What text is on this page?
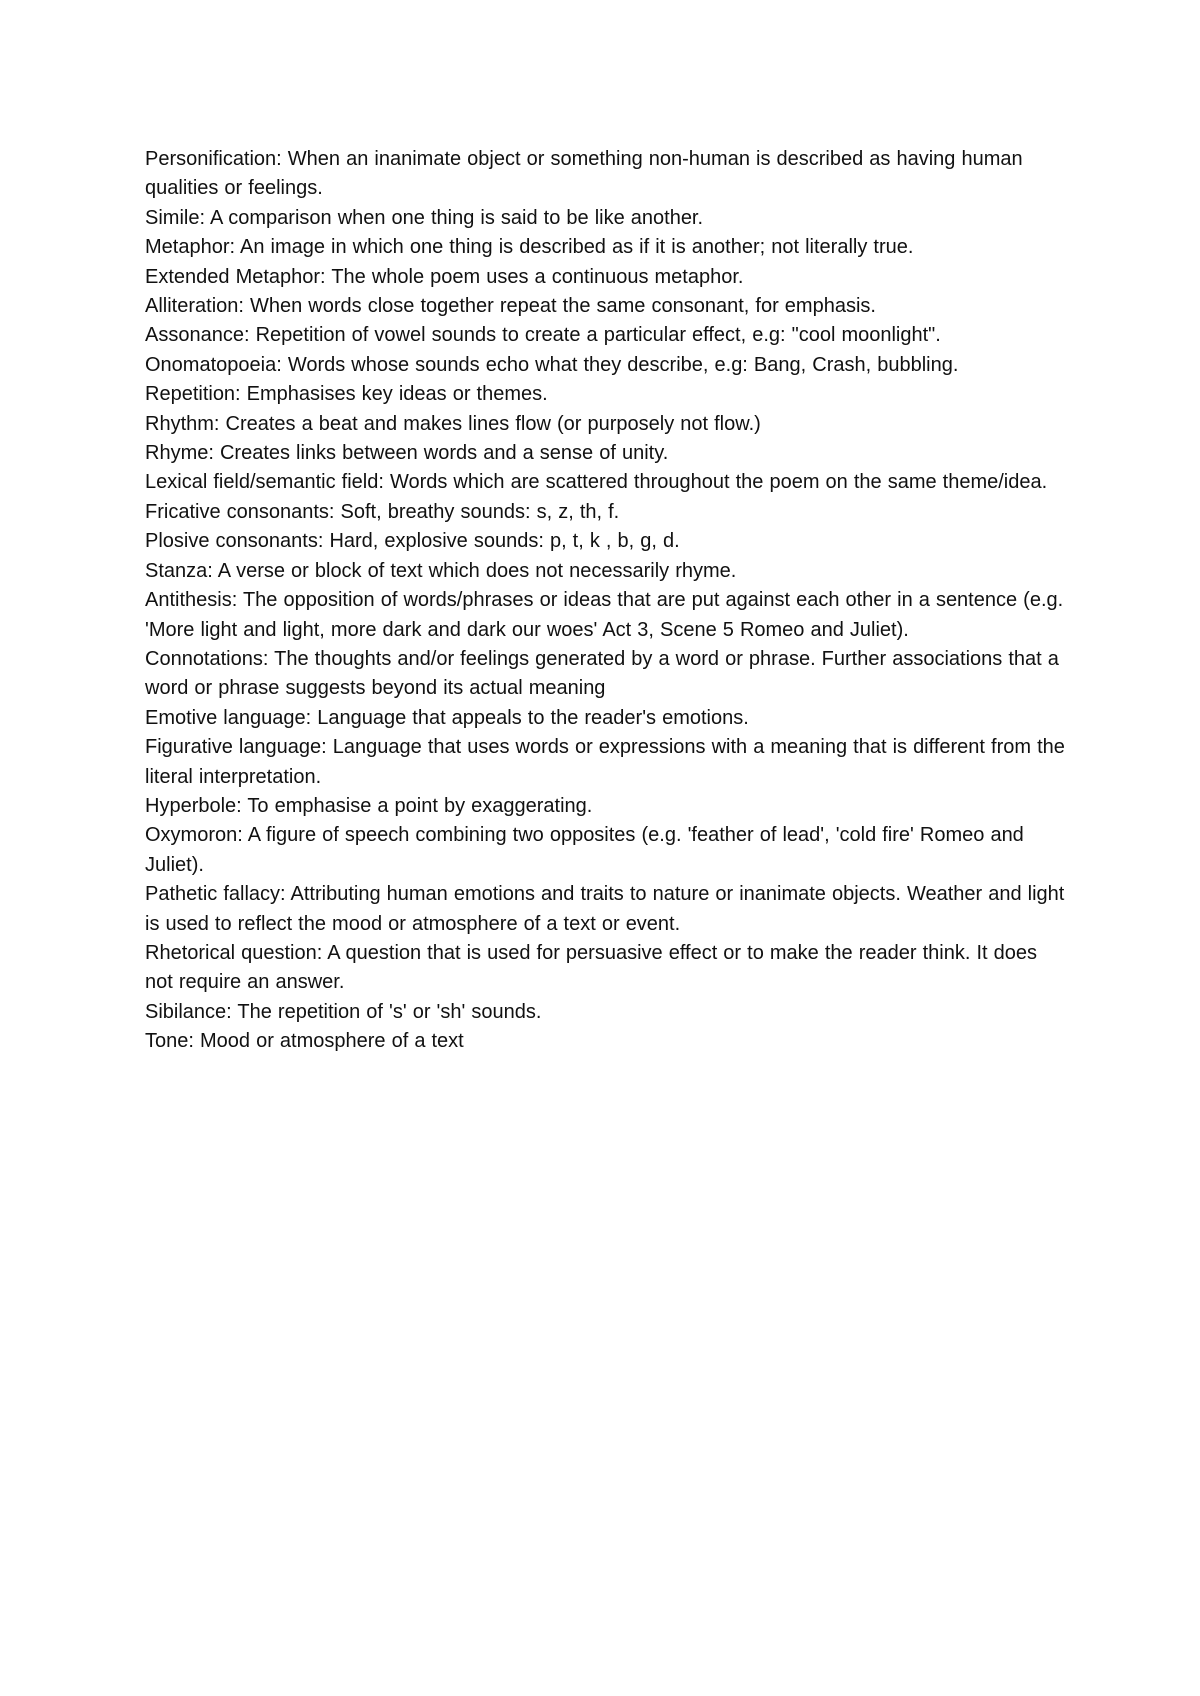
Personification: When an inanimate object or something non-human is described as having human qualities or feelings.

Simile: A comparison when one thing is said to be like another.

Metaphor: An image in which one thing is described as if it is another; not literally true.

Extended Metaphor: The whole poem uses a continuous metaphor.

Alliteration: When words close together repeat the same consonant, for emphasis.

Assonance: Repetition of vowel sounds to create a particular effect, e.g: "cool moonlight".

Onomatopoeia: Words whose sounds echo what they describe, e.g: Bang, Crash, bubbling.

Repetition: Emphasises key ideas or themes.

Rhythm: Creates a beat and makes lines flow (or purposely not flow.)

Rhyme: Creates links between words and a sense of unity.

Lexical field/semantic field: Words which are scattered throughout the poem on the same theme/idea.

Fricative consonants: Soft, breathy sounds: s, z, th, f.

Plosive consonants: Hard, explosive sounds: p, t, k , b, g, d.

Stanza: A verse or block of text which does not necessarily rhyme.

Antithesis: The opposition of words/phrases or ideas that are put against each other in a sentence (e.g. 'More light and light, more dark and dark our woes' Act 3, Scene 5 Romeo and Juliet).

Connotations: The thoughts and/or feelings generated by a word or phrase. Further associations that a word or phrase suggests beyond its actual meaning

Emotive language: Language that appeals to the reader's emotions.

Figurative language: Language that uses words or expressions with a meaning that is different from the literal interpretation.

Hyperbole: To emphasise a point by exaggerating.

Oxymoron: A figure of speech combining two opposites (e.g. 'feather of lead', 'cold fire' Romeo and Juliet).

Pathetic fallacy: Attributing human emotions and traits to nature or inanimate objects. Weather and light is used to reflect the mood or atmosphere of a text or event.

Rhetorical question: A question that is used for persuasive effect or to make the reader think. It does not require an answer.

Sibilance: The repetition of 's' or 'sh' sounds.

Tone: Mood or atmosphere of a text
